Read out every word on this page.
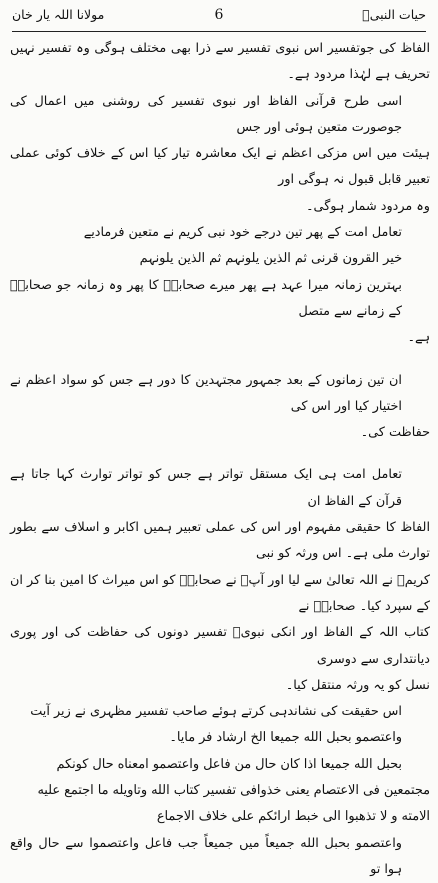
مولانا اللہ یار خان	6	حیات النبیؐ

الفاظ کی جوتفسیر اس نبوی تفسیر سے ذرا بھی مختلف ہوگی وہ تفسیر نہیں تحریف ہے لہٰذا مردود ہے۔

اسی طرح قرآنی الفاظ اور نبوی تفسیر کی روشنی میں اعمال کی جوصورت متعین ہوئی اور جس

ہیئت میں اس مزکی اعظم نے ایک معاشرہ تیار کیا اس کے خلاف کوئی عملی تعبیر قابل قبول نہ ہوگی اور

وہ مردود شمار ہوگی۔

تعامل امت کے پھر تین درجے خود نبی کریم نے متعین فرمادیے

خیر القرون قرنی ثم الذین یلونہم ثم الذین یلونہم

بہترین زمانہ میرا عہد ہے پھر میرے صحابہؓ کا پھر وہ زمانہ جو صحابہؓ کے زمانے سے متصل

ہے۔

ان تین زمانوں کے بعد جمہور مجتہدین کا دور ہے جس کو سواد اعظم نے اختیار کیا اور اس کی

حفاظت کی۔

تعامل امت ہی ایک مستقل تواتر ہے جس کو تواتر توارث کہا جاتا ہے قرآن کے الفاظ ان

الفاظ کا حقیقی مفہوم اور اس کی عملی تعبیر ہمیں اکابر و اسلاف سے بطور توارث ملی ہے۔ اس ورثہ کو نبی

کریمؐ نے اللہ تعالیٰ سے لیا اور آپؐ نے صحابہؓ کو اس میراث کا امین بنا کر ان کے سپرد کیا۔ صحابہؓ نے

کتاب اللہ کے الفاظ اور انکی نبویؐ تفسیر دونوں کی حفاظت کی اور پوری دیانتداری سے دوسری

نسل کو یہ ورثہ منتقل کیا۔

اس حقیقت کی نشاندہی کرتے ہوئے صاحب تفسیر مظہری نے زیر آیت

واعتصمو بحبل الله جمیعا الخ ارشاد فر مایا۔

بحبل الله جمیعا اذا کان حال من فاعل واعتصمو امعناه حال کونکم

مجتمعین فی الاعتصام یعنی خذوافی تفسیر کتاب الله وتاویله ما اجتمع علیه

الامته و لا تذهبوا الی خبط ارائکم علی خلاف الاجماع

واعتصمو بحبل الله جمیعاً میں جمیعاً جب فاعل واعتصموا سے حال واقع ہوا تو
